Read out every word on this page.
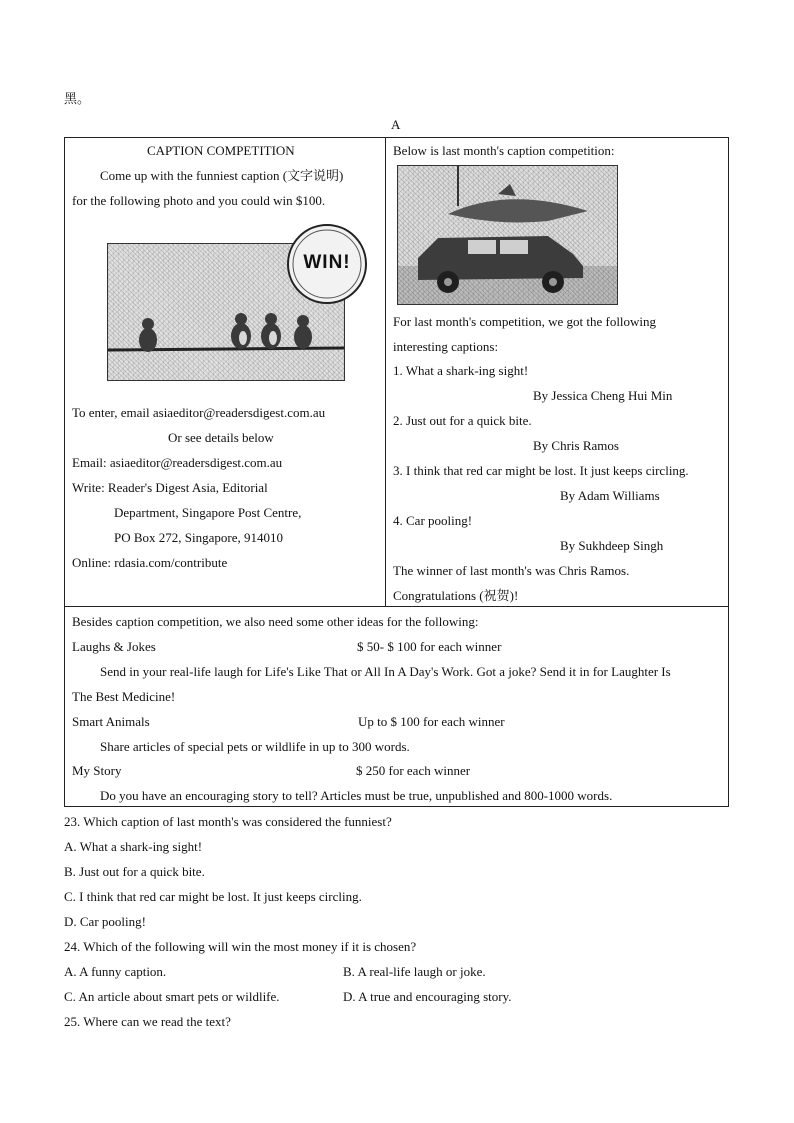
黑。
A
CAPTION COMPETITION
Come up with the funniest caption (文字说明)
for the following photo and you could win $100.
WIN!
To enter, email asiaeditor@readersdigest.com.au
Or see details below
Email: asiaeditor@readersdigest.com.au
Write: Reader's Digest Asia, Editorial
Department, Singapore Post Centre,
PO Box 272, Singapore, 914010
Online: rdasia.com/contribute
Below is last month's caption competition:
For last month's competition, we got the following
interesting captions:
1. What a shark-ing sight!
By Jessica Cheng Hui Min
2. Just out for a quick bite.
By Chris Ramos
3. I think that red car might be lost. It just keeps circling.
By Adam Williams
4. Car pooling!
By Sukhdeep Singh
The winner of last month's was Chris Ramos.
Congratulations (祝贺)!
Besides caption competition, we also need some other ideas for the following:
Laughs & Jokes	$ 50- $ 100 for each winner
Send in your real-life laugh for Life's Like That or All In A Day's Work. Got a joke? Send it in for Laughter Is
The Best Medicine!
Smart Animals	Up to $ 100 for each winner
Share articles of special pets or wildlife in up to 300 words.
My Story	$ 250 for each winner
Do you have an encouraging story to tell? Articles must be true, unpublished and 800-1000 words.
23. Which caption of last month's was considered the funniest?
A. What a shark-ing sight!
B. Just out for a quick bite.
C. I think that red car might be lost. It just keeps circling.
D. Car pooling!
24. Which of the following will win the most money if it is chosen?
A. A funny caption.	B. A real-life laugh or joke.
C. An article about smart pets or wildlife.	D. A true and encouraging story.
25. Where can we read the text?
